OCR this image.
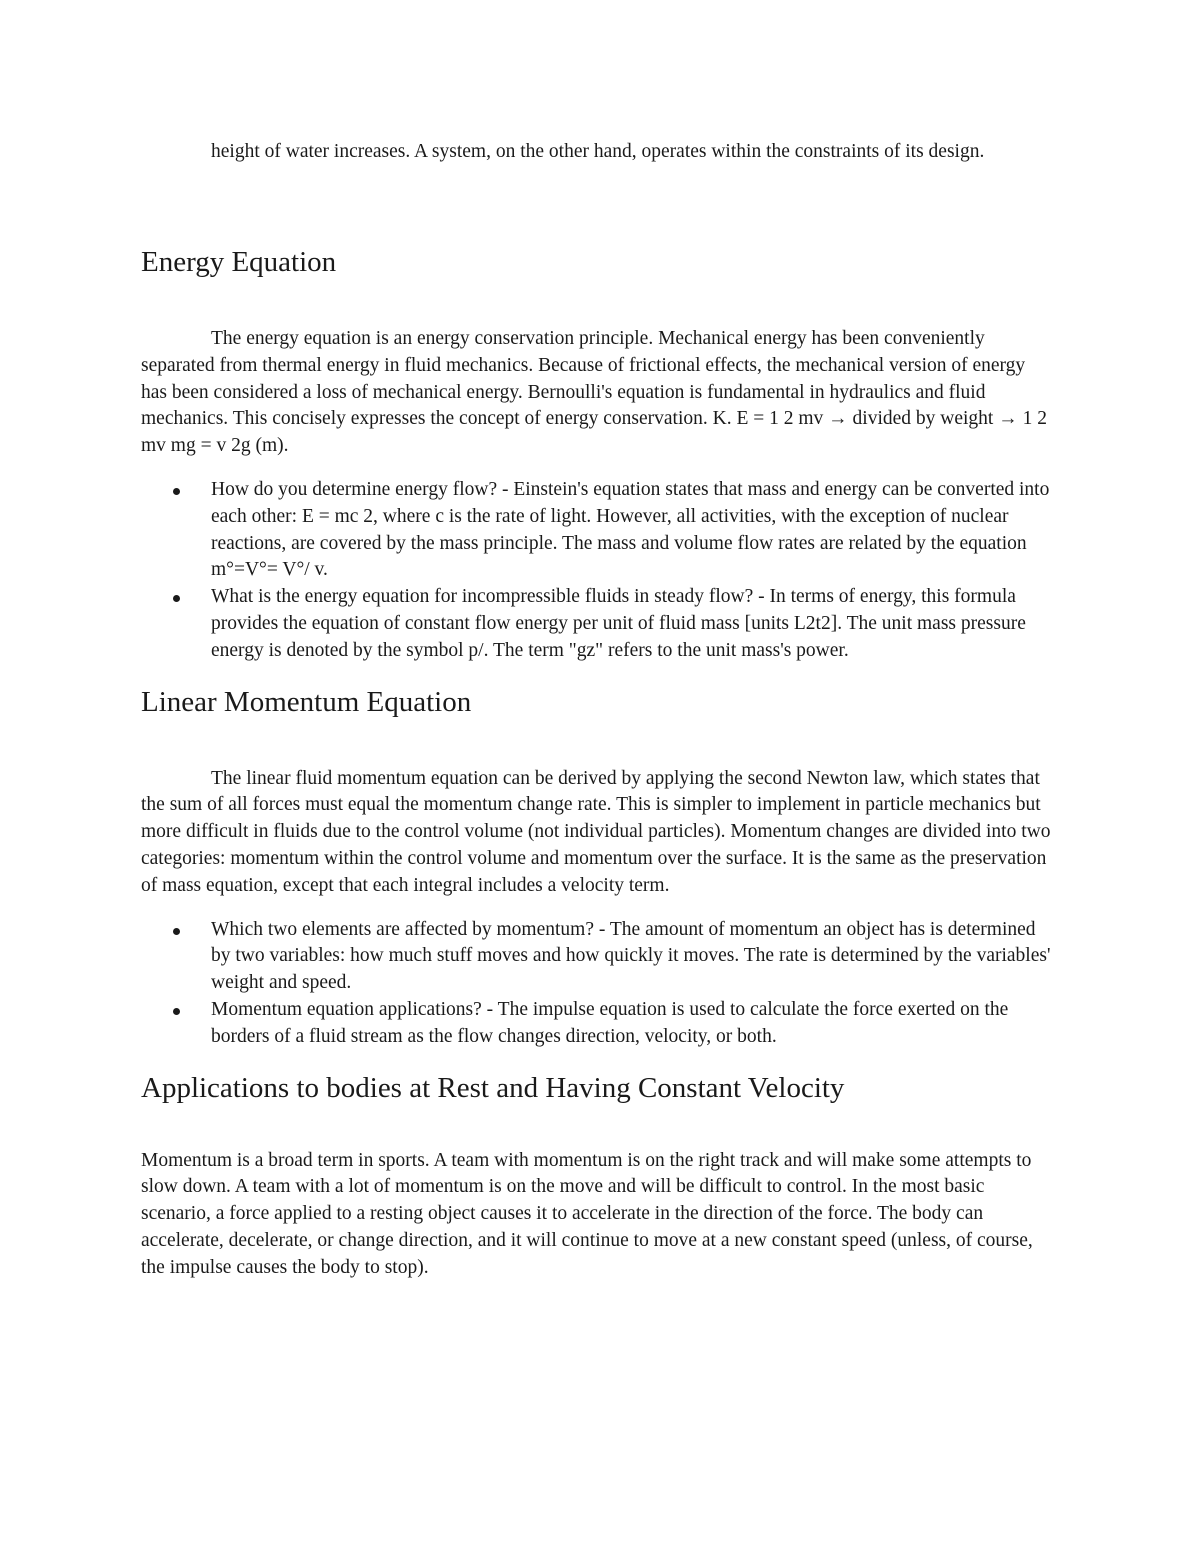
height of water increases. A system, on the other hand, operates within the constraints of its design.

Energy Equation

The energy equation is an energy conservation principle. Mechanical energy has been conveniently separated from thermal energy in fluid mechanics. Because of frictional effects, the mechanical version of energy has been considered a loss of mechanical energy. Bernoulli's equation is fundamental in hydraulics and fluid mechanics. This concisely expresses the concept of energy conservation. K. E = 1 2 mv → divided by weight → 1 2 mv mg = v 2g (m).

How do you determine energy flow? - Einstein's equation states that mass and energy can be converted into each other: E = mc 2, where c is the rate of light. However, all activities, with the exception of nuclear reactions, are covered by the mass principle. The mass and volume flow rates are related by the equation m°=V°= V°/ v.
What is the energy equation for incompressible fluids in steady flow? - In terms of energy, this formula provides the equation of constant flow energy per unit of fluid mass [units L2t2]. The unit mass pressure energy is denoted by the symbol p/. The term "gz" refers to the unit mass's power.
Linear Momentum Equation

The linear fluid momentum equation can be derived by applying the second Newton law, which states that the sum of all forces must equal the momentum change rate. This is simpler to implement in particle mechanics but more difficult in fluids due to the control volume (not individual particles). Momentum changes are divided into two categories: momentum within the control volume and momentum over the surface. It is the same as the preservation of mass equation, except that each integral includes a velocity term.

Which two elements are affected by momentum? - The amount of momentum an object has is determined by two variables: how much stuff moves and how quickly it moves. The rate is determined by the variables' weight and speed.
Momentum equation applications? - The impulse equation is used to calculate the force exerted on the borders of a fluid stream as the flow changes direction, velocity, or both.
Applications to bodies at Rest and Having Constant Velocity

Momentum is a broad term in sports. A team with momentum is on the right track and will make some attempts to slow down. A team with a lot of momentum is on the move and will be difficult to control. In the most basic scenario, a force applied to a resting object causes it to accelerate in the direction of the force. The body can accelerate, decelerate, or change direction, and it will continue to move at a new constant speed (unless, of course, the impulse causes the body to stop).
